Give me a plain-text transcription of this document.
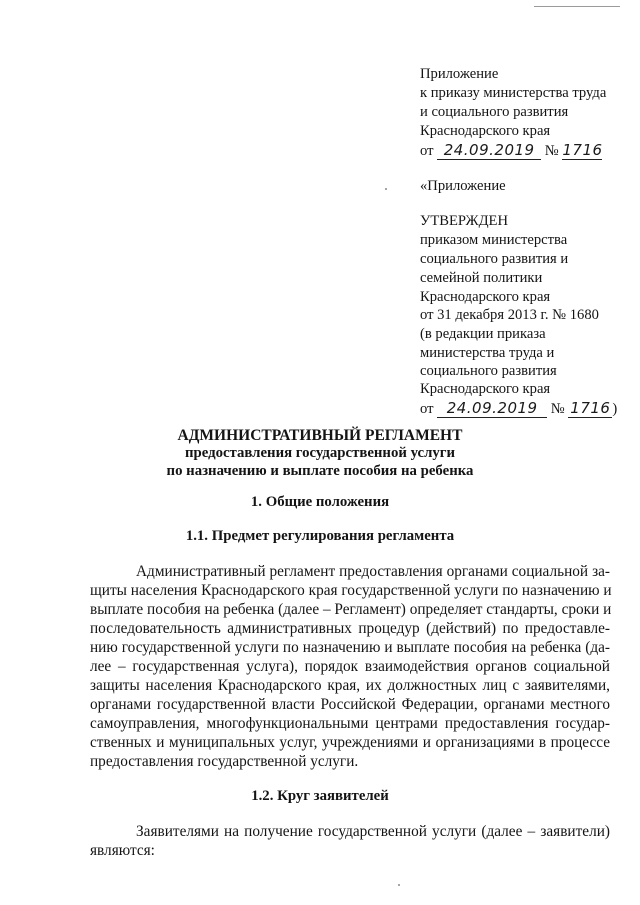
Приложение
к приказу министерства труда
и социального развития
Краснодарского края
от 24.09.2019 № 1716
«Приложение
УТВЕРЖДЕН
приказом министерства
социального развития и
семейной политики
Краснодарского края
от 31 декабря 2013 г. № 1680
(в редакции приказа
министерства труда и
социального развития
Краснодарского края
от 24.09.2019 № 1716 )
АДМИНИСТРАТИВНЫЙ РЕГЛАМЕНТ
предоставления государственной услуги
по назначению и выплате пособия на ребенка
1. Общие положения
1.1. Предмет регулирования регламента
Административный регламент предоставления органами социальной за-
щиты населения Краснодарского края государственной услуги по назначению и
выплате пособия на ребенка (далее – Регламент) определяет стандарты, сроки и
последовательность административных процедур (действий) по предоставле-
нию государственной услуги по назначению и выплате пособия на ребенка (да-
лее – государственная услуга), порядок взаимодействия органов социальной
защиты населения Краснодарского края, их должностных лиц с заявителями,
органами государственной власти Российской Федерации, органами местного
самоуправления, многофункциональными центрами предоставления государ-
ственных и муниципальных услуг, учреждениями и организациями в процессе
предоставления государственной услуги.
1.2. Круг заявителей
Заявителями на получение государственной услуги (далее – заявители)
являются:
